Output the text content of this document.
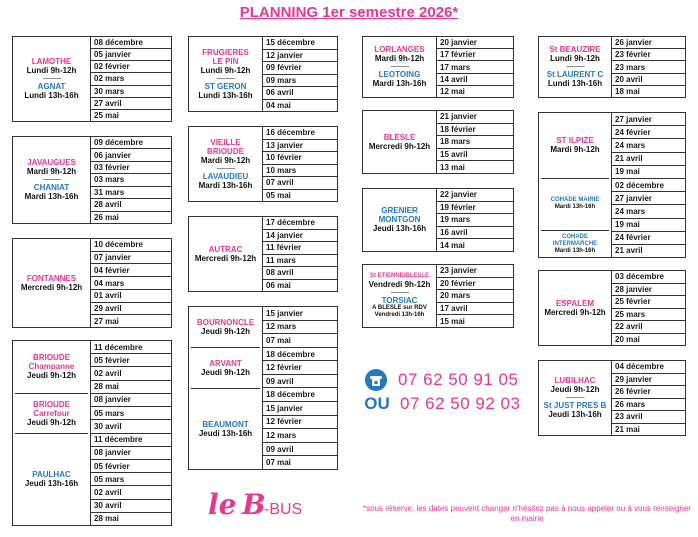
PLANNING 1er semestre 2026*
LAMOTHE
Lundi 9h-12h
------------------
AGNAT
Lundi 13h-16h
08 décembre
05 janvier
02 février
02 mars
30 mars
27 avril
25 mai
FRUGIERES
LE PIN
Lundi 9h-12h
------------------
ST GERON
Lundi 13h-16h
15 décembre
12 janvier
09 février
09 mars
06 avril
04 mai
LORLANGES
Mardi 9h-12h
------------------
LEOTOING
Mardi 13h-16h
20 janvier
17 février
17 mars
14 avril
12 mai
St BEAUZIRE
Lundi 9h-12h
------------------
St LAURENT C
Lundi 13h-16h
26 janvier
23 février
23 mars
20 avril
18 mai
JAVAUGUES
Mardi 9h-12h
------------------
CHANIAT
Mardi 13h-16h
09 décembre
06 janvier
03 février
03 mars
31 mars
28 avril
26 mai
VIEILLE BRIOUDE
Mardi 9h-12h
------------------
LAVAUDIEU
Mardi 13h-16h
16 décembre
13 janvier
10 février
10 mars
07 avril
05 mai
BLESLE
Mercredi 9h-12h
21 janvier
18 février
18 mars
15 avril
13 mai
ST ILPIZE
Mardi 9h-12h
COHADE MAIRIE
Mardi 13h-16h
COHADE INTERMARCHE
Mardi 13h-16h
27 janvier
24 février
24 mars
21 avril
19 mai
02 décembre
27 janvier
24 mars
19 mai
24 février
21 avril
FONTANNES
Mercredi 9h-12h
10 décembre
07 janvier
04 février
04 mars
01 avril
29 avril
27 mai
AUTRAC
Mercredi 9h-12h
17 décembre
14 janvier
11 février
11 mars
08 avril
06 mai
GRENIER
MONTGON
Jeudi 13h-16h
22 janvier
19 février
19 mars
16 avril
14 mai
St ETIENNE/BLESLE
Vendredi 9h-12h
------------------
TORSIAC
A BLESLE sur RDV
Vendredi 13h-16h
23 janvier
20 février
20 mars
17 avril
15 mai
ESPALEM
Mercredi 9h-12h
03 décembre
28 janvier
25 février
25 mars
22 avril
20 mai
BOURNONCLE
Jeudi 9h-12h
ARVANT
Jeudi 9h-12h
BEAUMONT
Jeudi 13h-16h
15 janvier
12 mars
07 mai
18 décembre
12 février
09 avril
18 décembre
15 janvier
12 février
12 mars
09 avril
07 mai
BRIOUDE
Champanne
Jeudi 9h-12h
BRIOUDE
Carrefour
Jeudi 9h-12h
PAULHAC
Jeudi 13h-16h
11 décembre
05 février
02 avril
28 mai
08 janvier
05 mars
30 avril
11 décembre
08 janvier
05 février
05 mars
02 avril
30 avril
28 mai
LUBILHAC
Jeudi 9h-12h
------------------
St JUST PRES B
Jeudi 13h-16h
04 décembre
29 janvier
26 février
26 mars
23 avril
21 mai
07 62 50 91 05
OU 07 62 50 92 03
le B
-BUS	*sous réserve: les dates peuvent changer n'hésitez pas à nous appeler ou à vous renseigner en mairie
